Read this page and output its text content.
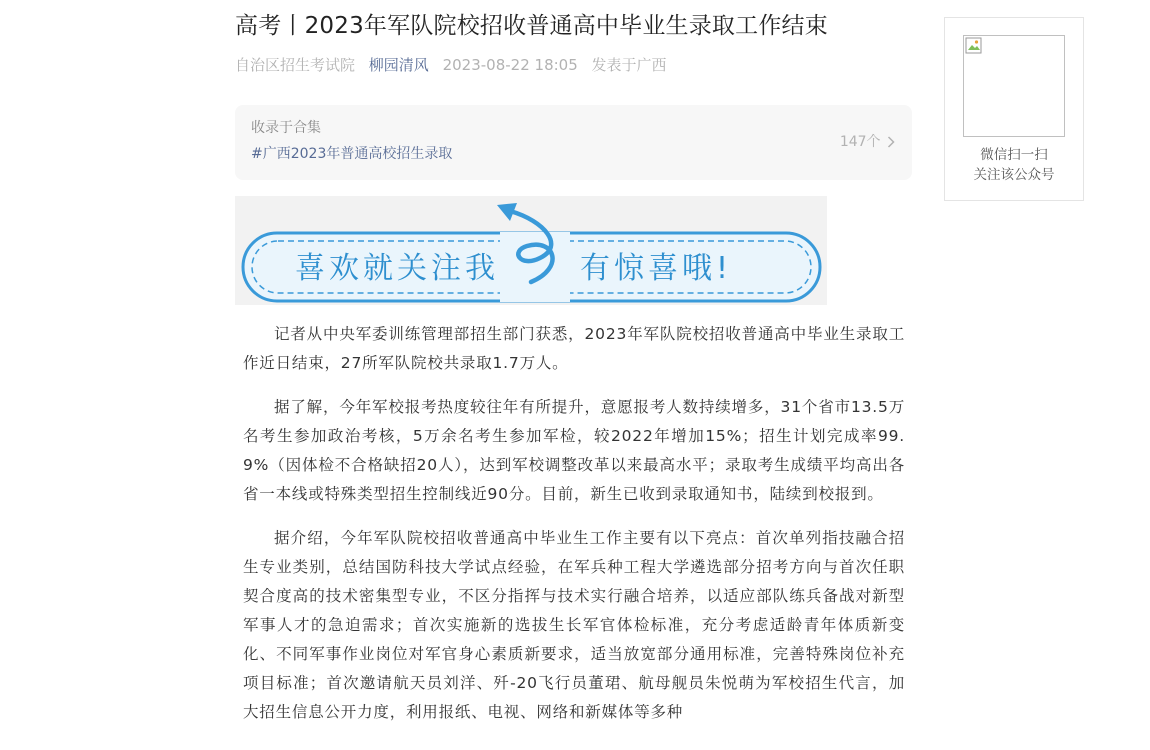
高考丨2023年军队院校招收普通高中毕业生录取工作结束
自治区招生考试院 柳园清风 2023-08-22 18:05 发表于广西
收录于合集
#广西2023年普通高校招生录取
147个
喜欢就关注我	有惊喜哦!

记者从中央军委训练管理部招生部门获悉，2023年军队院校招收普通高中毕业生录取工作近日结束，27所军队院校共录取1.7万人。

据了解，今年军校报考热度较往年有所提升，意愿报考人数持续增多，31个省市13.5万名考生参加政治考核，5万余名考生参加军检，较2022年增加15%；招生计划完成率99.9%（因体检不合格缺招20人），达到军校调整改革以来最高水平；录取考生成绩平均高出各省一本线或特殊类型招生控制线近90分。目前，新生已收到录取通知书，陆续到校报到。

据介绍，今年军队院校招收普通高中毕业生工作主要有以下亮点：首次单列指技融合招生专业类别，总结国防科技大学试点经验，在军兵种工程大学遴选部分招考方向与首次任职契合度高的技术密集型专业，不区分指挥与技术实行融合培养，以适应部队练兵备战对新型军事人才的急迫需求；首次实施新的选拔生长军官体检标准，充分考虑适龄青年体质新变化、不同军事作业岗位对军官身心素质新要求，适当放宽部分通用标准，完善特殊岗位补充项目标准；首次邀请航天员刘洋、歼-20飞行员董珺、航母舰员朱悦萌为军校招生代言，加大招生信息公开力度，利用报纸、电视、网络和新媒体等多种

微信扫一扫
关注该公众号
